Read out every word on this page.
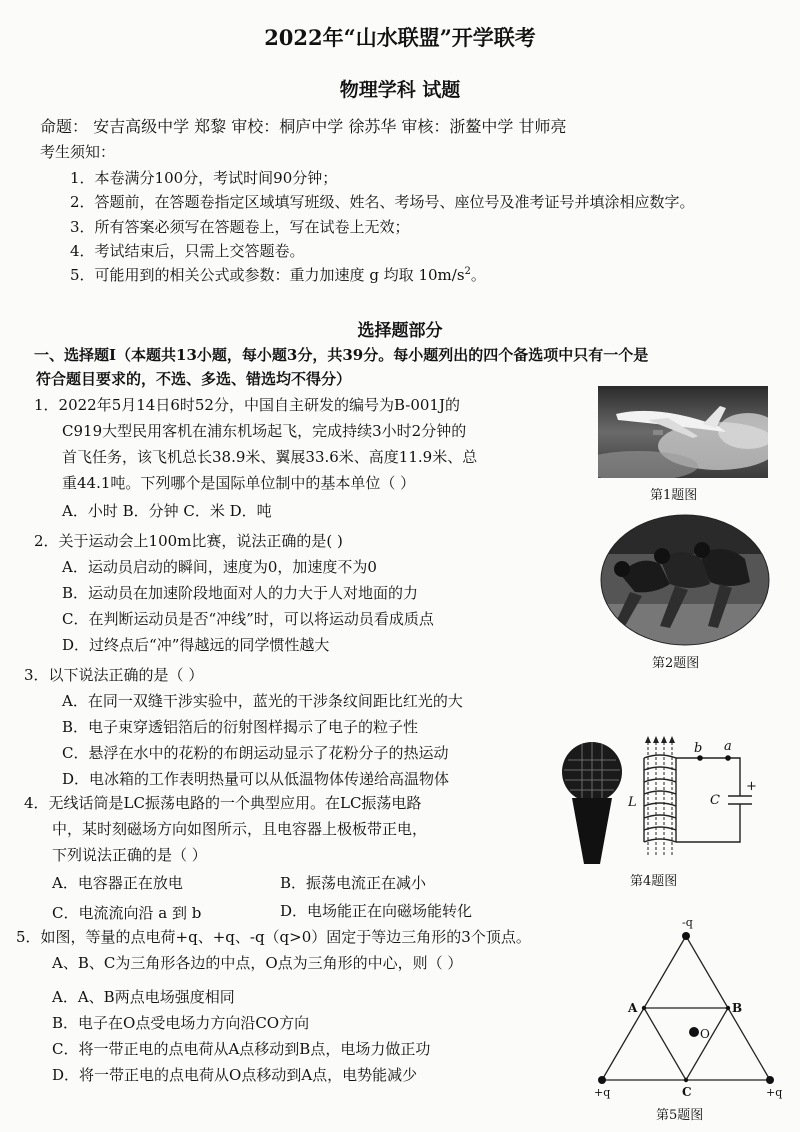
2022年“山水联盟”开学联考
物理学科 试题
命题： 安吉高级中学 郑黎 审校：桐庐中学 徐苏华 审核：浙鳌中学 甘师亮
考生须知：
1．本卷满分100分，考试时间90分钟；
2．答题前，在答题卷指定区域填写班级、姓名、考场号、座位号及准考证号并填涂相应数字。
3．所有答案必须写在答题卷上，写在试卷上无效；
4．考试结束后，只需上交答题卷。
5．可能用到的相关公式或参数：重力加速度 g 均取 $10m/s^2$。
选择题部分
一、选择题Ⅰ（本题共13小题，每小题3分，共39分。每小题列出的四个备选项中只有一个是
符合题目要求的，不选、多选、错选均不得分）
1．2022年5月14日6时52分，中国自主研发的编号为B-001J的
C919大型民用客机在浦东机场起飞，完成持续3小时2分钟的
首飞任务，该飞机总长38.9米、翼展33.6米、高度11.9米、总
重44.1吨。下列哪个是国际单位制中的基本单位（ ）
A．小时 B．分钟 C．米 D．吨
第1题图
2．关于运动会上100m比赛，说法正确的是( )
A．运动员启动的瞬间，速度为0，加速度不为0
B．运动员在加速阶段地面对人的力大于人对地面的力
C．在判断运动员是否“冲线”时，可以将运动员看成质点
D．过终点后“冲”得越远的同学惯性越大
第2题图
3．以下说法正确的是（ ）
A．在同一双缝干涉实验中，蓝光的干涉条纹间距比红光的大
B．电子束穿透铝箔后的衍射图样揭示了电子的粒子性
C．悬浮在水中的花粉的布朗运动显示了花粉分子的热运动
D．电冰箱的工作表明热量可以从低温物体传递给高温物体
4．无线话筒是LC振荡电路的一个典型应用。在LC振荡电路
中，某时刻磁场方向如图所示，且电容器上极板带正电，
下列说法正确的是（ ）
A．电容器正在放电	B．振荡电流正在减小
C．电流流向沿 a 到 b	D．电场能正在向磁场能转化
L	C
b a
+
第4题图
5．如图，等量的点电荷+q、+q、-q（q>0）固定于等边三角形的3个顶点。
A、B、C为三角形各边的中点，O点为三角形的中心，则（ ）
A．A、B两点电场强度相同
B．电子在O点受电场力方向沿CO方向
C．将一带正电的点电荷从A点移动到B点，电场力做正功
D．将一带正电的点电荷从O点移动到A点，电势能减少
-q
+q	+q
A	B
C
O
第5题图
